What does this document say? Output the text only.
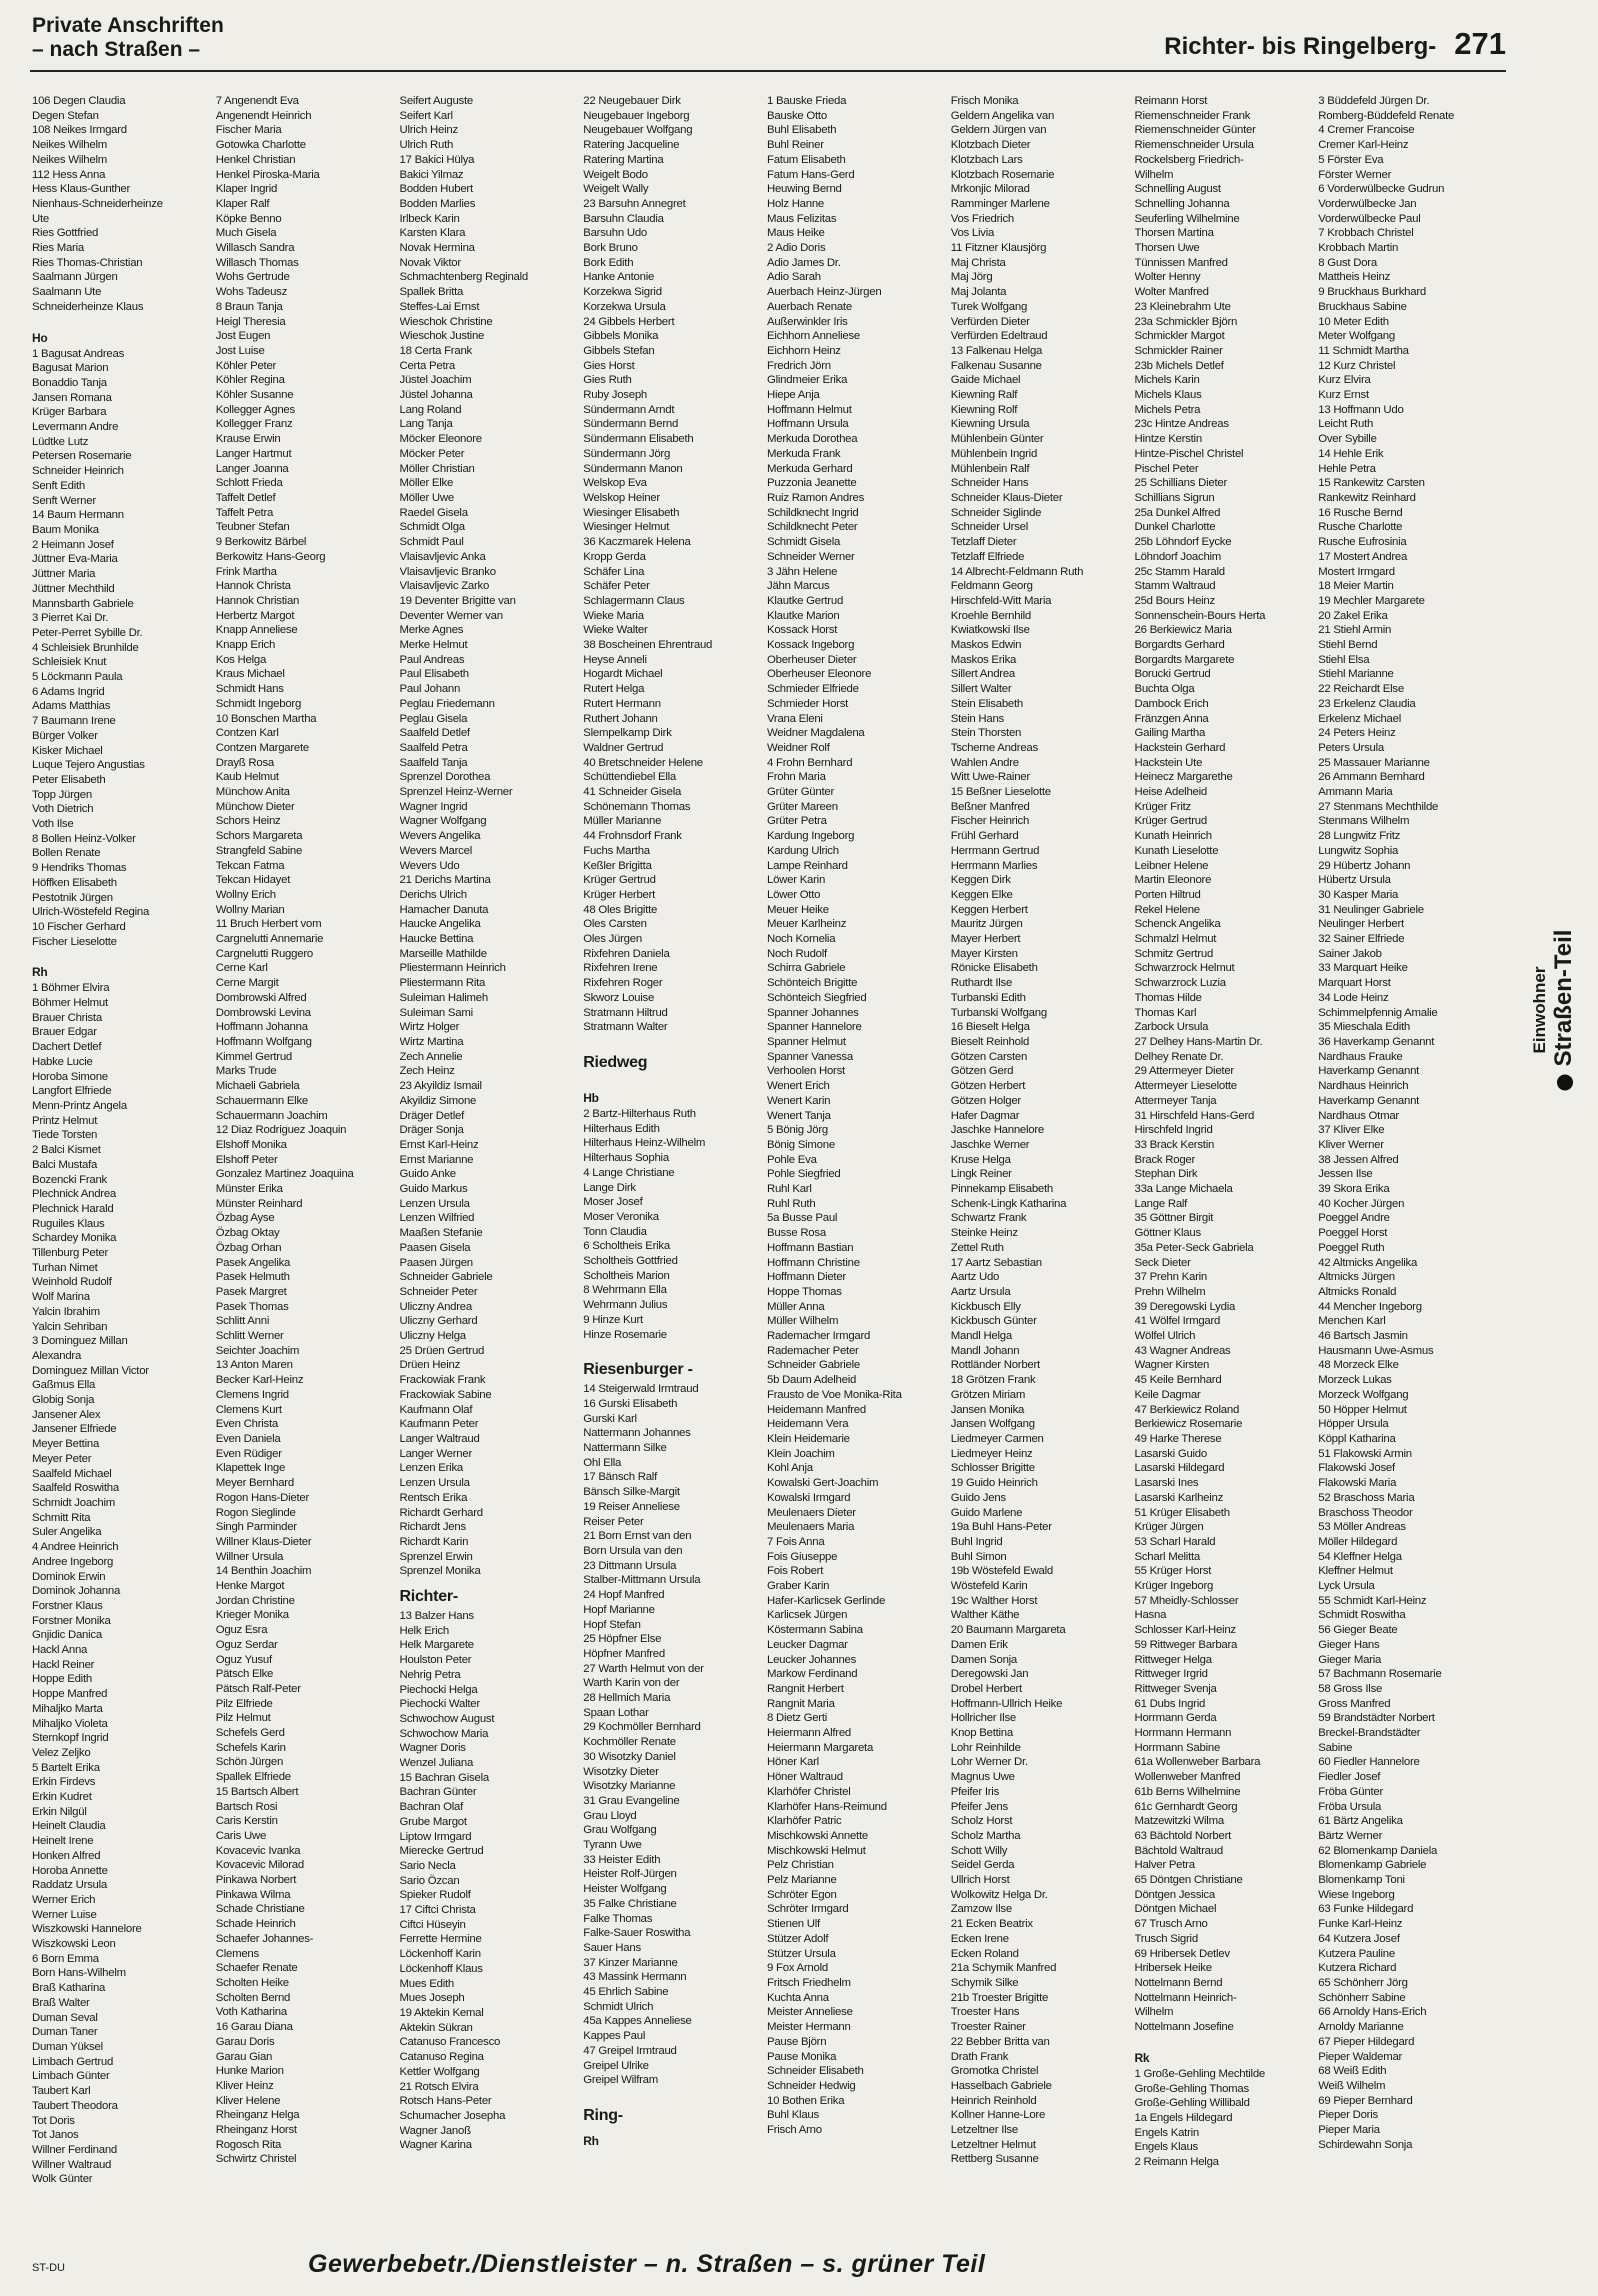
Private Anschriften
– nach Straßen –	Richter- bis Ringelberg- 271
106 Degen Claudia
Degen Stefan
108 Neikes Irmgard
Neikes Wilhelm
Neikes Wilhelm
112 Hess Anna
Hess Klaus-Gunther
Nienhaus-Schneiderheinze
Ute
Ries Gottfried
Ries Maria
Ries Thomas-Christian
Saalmann Jürgen
Saalmann Ute
Schneiderheinze Klaus
Ho
1 Bagusat Andreas
Bagusat Marion
Bonaddio Tanja
Jansen Romana
Krüger Barbara
Levermann Andre
Lüdtke Lutz
Petersen Rosemarie
Schneider Heinrich
Senft Edith
Senft Werner
14 Baum Hermann
Baum Monika
2 Heimann Josef
Jüttner Eva-Maria
Jüttner Maria
Jüttner Mechthild
Mannsbarth Gabriele
3 Pierret Kai Dr.
Peter-Perret Sybille Dr.
4 Schleisiek Brunhilde
Schleisiek Knut
5 Löckmann Paula
6 Adams Ingrid
Adams Matthias
7 Baumann Irene
Bürger Volker
Kisker Michael
Luque Tejero Angustias
Peter Elisabeth
Topp Jürgen
Voth Dietrich
Voth Ilse
8 Bollen Heinz-Volker
Bollen Renate
9 Hendriks Thomas
Höffken Elisabeth
Pestotnik Jürgen
Ulrich-Wöstefeld Regina
10 Fischer Gerhard
Fischer Lieselotte
Rh
1 Böhmer Elvira
Böhmer Helmut
Brauer Christa
Brauer Edgar
Dachert Detlef
Habke Lucie
Horoba Simone
Langfort Elfriede
Menn-Printz Angela
Printz Helmut
Tiede Torsten
2 Balci Kismet
Balci Mustafa
Bozencki Frank
Plechnick Andrea
Plechnick Harald
Ruguiles Klaus
Schardey Monika
Tillenburg Peter
Turhan Nimet
Weinhold Rudolf
Wolf Marina
Yalcin Ibrahim
Yalcin Sehriban
3 Dominguez Millan
Alexandra
Dominguez Millan Victor
Gaßmus Ella
Globig Sonja
Jansener Alex
Jansener Elfriede
Meyer Bettina
Meyer Peter
Saalfeld Michael
Saalfeld Roswitha
Schmidt Joachim
Schmitt Rita
Suler Angelika
4 Andree Heinrich
Andree Ingeborg
Dominok Erwin
Dominok Johanna
Forstner Klaus
Forstner Monika
Gnjidic Danica
Hackl Anna
Hackl Reiner
Hoppe Edith
Hoppe Manfred
Mihaljko Marta
Mihaljko Violeta
Sternkopf Ingrid
Velez Zeljko
5 Bartelt Erika
Erkin Firdevs
Erkin Kudret
Erkin Nilgül
Heinelt Claudia
Heinelt Irene
Honken Alfred
Horoba Annette
Raddatz Ursula
Werner Erich
Werner Luise
Wiszkowski Hannelore
Wiszkowski Leon
6 Born Emma
Born Hans-Wilhelm
Braß Katharina
Braß Walter
Duman Seval
Duman Taner
Duman Yüksel
Limbach Gertrud
Limbach Günter
Taubert Karl
Taubert Theodora
Tot Doris
Tot Janos
Willner Ferdinand
Willner Waltraud
Wolk Günter
7 Angenendt Eva
Angenendt Heinrich
Fischer Maria
Gotowka Charlotte
Henkel Christian
Henkel Piroska-Maria
Klaper Ingrid
Klaper Ralf
Köpke Benno
Much Gisela
Willasch Sandra
Willasch Thomas
Wohs Gertrude
Wohs Tadeusz
8 Braun Tanja
Heigl Theresia
Jost Eugen
Jost Luise
Köhler Peter
Köhler Regina
Köhler Susanne
Kollegger Agnes
Kollegger Franz
Krause Erwin
Langer Hartmut
Langer Joanna
Schlott Frieda
Taffelt Detlef
Taffelt Petra
Teubner Stefan
9 Berkowitz Bärbel
Berkowitz Hans-Georg
Frink Martha
Hannok Christa
Hannok Christian
Herbertz Margot
Knapp Anneliese
Knapp Erich
Kos Helga
Kraus Michael
Schmidt Hans
Schmidt Ingeborg
10 Bonschen Martha
Contzen Karl
Contzen Margarete
Drayß Rosa
Kaub Helmut
Münchow Anita
Münchow Dieter
Schors Heinz
Schors Margareta
Strangfeld Sabine
Tekcan Fatma
Tekcan Hidayet
Wollny Erich
Wollny Marian
11 Bruch Herbert vom
Cargnelutti Annemarie
Cargnelutti Ruggero
Cerne Karl
Cerne Margit
Dombrowski Alfred
Dombrowski Levina
Hoffmann Johanna
Hoffmann Wolfgang
Kimmel Gertrud
Marks Trude
Michaeli Gabriela
Schauermann Elke
Schauermann Joachim
12 Diaz Rodriguez Joaquin
Elshoff Monika
Elshoff Peter
Gonzalez Martinez Joaquina
Münster Erika
Münster Reinhard
Özbag Ayse
Özbag Oktay
Özbag Orhan
Pasek Angelika
Pasek Helmuth
Pasek Margret
Pasek Thomas
Schlitt Anni
Schlitt Werner
Seichter Joachim
13 Anton Maren
Becker Karl-Heinz
Clemens Ingrid
Clemens Kurt
Even Christa
Even Daniela
Even Rüdiger
Klapettek Inge
Meyer Bernhard
Rogon Hans-Dieter
Rogon Sieglinde
Singh Parminder
Willner Klaus-Dieter
Willner Ursula
14 Benthin Joachim
Henke Margot
Jordan Christine
Krieger Monika
Oguz Esra
Oguz Serdar
Oguz Yusuf
Pätsch Elke
Pätsch Ralf-Peter
Pilz Elfriede
Pilz Helmut
Schefels Gerd
Schefels Karin
Schön Jürgen
Spallek Elfriede
15 Bartsch Albert
Bartsch Rosi
Caris Kerstin
Caris Uwe
Kovacevic Ivanka
Kovacevic Milorad
Pinkawa Norbert
Pinkawa Wilma
Schade Christiane
Schade Heinrich
Schaefer Johannes-
Clemens
Schaefer Renate
Scholten Heike
Scholten Bernd
Voth Katharina
16 Garau Diana
Garau Doris
Garau Gian
Hunke Marion
Kliver Heinz
Kliver Helene
Rheinganz Helga
Rheinganz Horst
Rogosch Rita
Schwirtz Christel
Seifert Auguste
Seifert Karl
Ulrich Heinz
Ulrich Ruth
17 Bakici Hülya
Bakici Yilmaz
Bodden Hubert
Bodden Marlies
Irlbeck Karin
Karsten Klara
Novak Hermina
Novak Viktor
Schmachtenberg Reginald
Spallek Britta
Steffes-Lai Ernst
Wieschok Christine
Wieschok Justine
18 Certa Frank
Certa Petra
Jüstel Joachim
Jüstel Johanna
Lang Roland
Lang Tanja
Möcker Eleonore
Möcker Peter
Möller Christian
Möller Elke
Möller Uwe
Raedel Gisela
Schmidt Olga
Schmidt Paul
Vlaisavljevic Anka
Vlaisavljevic Branko
Vlaisavljevic Zarko
19 Deventer Brigitte van
Deventer Werner van
Merke Agnes
Merke Helmut
Paul Andreas
Paul Elisabeth
Paul Johann
Peglau Friedemann
Peglau Gisela
Saalfeld Detlef
Saalfeld Petra
Saalfeld Tanja
Sprenzel Dorothea
Sprenzel Heinz-Werner
Wagner Ingrid
Wagner Wolfgang
Wevers Angelika
Wevers Marcel
Wevers Udo
21 Derichs Martina
Derichs Ulrich
Hamacher Danuta
Haucke Angelika
Haucke Bettina
Marseille Mathilde
Pliestermann Heinrich
Pliestermann Rita
Suleiman Halimeh
Suleiman Sami
Wirtz Holger
Wirtz Martina
Zech Annelie
Zech Heinz
23 Akyildiz Ismail
Akyildiz Simone
Dräger Detlef
Dräger Sonja
Ernst Karl-Heinz
Ernst Marianne
Guido Anke
Guido Markus
Lenzen Ursula
Lenzen Wilfried
Maaßen Stefanie
Paasen Gisela
Paasen Jürgen
Schneider Gabriele
Schneider Peter
Uliczny Andrea
Uliczny Gerhard
Uliczny Helga
25 Drüen Gertrud
Drüen Heinz
Frackowiak Frank
Frackowiak Sabine
Kaufmann Olaf
Kaufmann Peter
Langer Waltraud
Langer Werner
Lenzen Erika
Lenzen Ursula
Rentsch Erika
Richardt Gerhard
Richardt Jens
Richardt Karin
Sprenzel Erwin
Sprenzel Monika
Richter-
13 Balzer Hans
Helk Erich
Helk Margarete
Houlston Peter
Nehrig Petra
Piechocki Helga
Piechocki Walter
Schwochow August
Schwochow Maria
Wagner Doris
Wenzel Juliana
15 Bachran Gisela
Bachran Günter
Bachran Olaf
Grube Margot
Liptow Irmgard
Mierecke Gertrud
Sario Necla
Sario Özcan
Spieker Rudolf
17 Ciftci Christa
Ciftci Hüseyin
Ferrette Hermine
Löckenhoff Karin
Löckenhoff Klaus
Mues Edith
Mues Joseph
19 Aktekin Kemal
Aktekin Sükran
Catanuso Francesco
Catanuso Regina
Kettler Wolfgang
21 Rotsch Elvira
Rotsch Hans-Peter
Schumacher Josepha
Wagner Janoß
Wagner Karina
22 Neugebauer Dirk
Neugebauer Ingeborg
Neugebauer Wolfgang
Ratering Jacqueline
Ratering Martina
Weigelt Bodo
Weigelt Wally
23 Barsuhn Annegret
Barsuhn Claudia
Barsuhn Udo
Bork Bruno
Bork Edith
Hanke Antonie
Korzekwa Sigrid
Korzekwa Ursula
24 Gibbels Herbert
Gibbels Monika
Gibbels Stefan
Gies Horst
Gies Ruth
Ruby Joseph
Sündermann Arndt
Sündermann Bernd
Sündermann Elisabeth
Sündermann Jörg
Sündermann Manon
Welskop Eva
Welskop Heiner
Wiesinger Elisabeth
Wiesinger Helmut
36 Kaczmarek Helena
Kropp Gerda
Schäfer Lina
Schäfer Peter
Schlagermann Claus
Wieke Maria
Wieke Walter
38 Boscheinen Ehrentraud
Heyse Anneli
Hogardt Michael
Rutert Helga
Rutert Hermann
Ruthert Johann
Slempelkamp Dirk
Waldner Gertrud
40 Bretschneider Helene
Schüttendiebel Ella
41 Schneider Gisela
Schönemann Thomas
Müller Marianne
44 Frohnsdorf Frank
Fuchs Martha
Keßler Brigitta
Krüger Gertrud
Krüger Herbert
48 Oles Brigitte
Oles Carsten
Oles Jürgen
Rixfehren Daniela
Rixfehren Irene
Rixfehren Roger
Skworz Louise
Stratmann Hiltrud
Stratmann Walter
Riedweg
Hb
2 Bartz-Hilterhaus Ruth
Hilterhaus Edith
Hilterhaus Heinz-Wilhelm
Hilterhaus Sophia
4 Lange Christiane
Lange Dirk
Moser Josef
Moser Veronika
Tonn Claudia
6 Scholtheis Erika
Scholtheis Gottfried
Scholtheis Marion
8 Wehrmann Ella
Wehrmann Julius
9 Hinze Kurt
Hinze Rosemarie
Riesenburger -
14 Steigerwald Irmtraud
16 Gurski Elisabeth
Gurski Karl
Nattermann Johannes
Nattermann Silke
Ohl Ella
17 Bänsch Ralf
Bänsch Silke-Margit
19 Reiser Anneliese
Reiser Peter
21 Born Ernst van den
Born Ursula van den
23 Dittmann Ursula
Stalber-Mittmann Ursula
24 Hopf Manfred
Hopf Marianne
Hopf Stefan
25 Höpfner Else
Höpfner Manfred
27 Warth Helmut von der
Warth Karin von der
28 Hellmich Maria
Spaan Lothar
29 Kochmöller Bernhard
Kochmöller Renate
30 Wisotzky Daniel
Wisotzky Dieter
Wisotzky Marianne
31 Grau Evangeline
Grau Lloyd
Grau Wolfgang
Tyrann Uwe
33 Heister Edith
Heister Rolf-Jürgen
Heister Wolfgang
35 Falke Christiane
Falke Thomas
Falke-Sauer Roswitha
Sauer Hans
37 Kinzer Marianne
43 Massink Hermann
45 Ehrlich Sabine
Schmidt Ulrich
45a Kappes Anneliese
Kappes Paul
47 Greipel Irmtraud
Greipel Ulrike
Greipel Wilfram
Ring-
Rh
1 Bauske Frieda
Bauske Otto
Buhl Elisabeth
Buhl Reiner
Fatum Elisabeth
Fatum Hans-Gerd
Heuwing Bernd
Holz Hanne
Maus Felizitas
Maus Heike
2 Adio Doris
Adio James Dr.
Adio Sarah
Auerbach Heinz-Jürgen
Auerbach Renate
Außerwinkler Iris
Eichhorn Anneliese
Eichhorn Heinz
Fredrich Jörn
Glindmeier Erika
Hiepe Anja
Hoffmann Helmut
Hoffmann Ursula
Merkuda Dorothea
Merkuda Frank
Merkuda Gerhard
Puzzonia Jeanette
Ruiz Ramon Andres
Schildknecht Ingrid
Schildknecht Peter
Schmidt Gisela
Schneider Werner
3 Jähn Helene
Jähn Marcus
Klautke Gertrud
Klautke Marion
Kossack Horst
Kossack Ingeborg
Oberheuser Dieter
Oberheuser Eleonore
Schmieder Elfriede
Schmieder Horst
Vrana Eleni
Weidner Magdalena
Weidner Rolf
4 Frohn Bernhard
Frohn Maria
Grüter Günter
Grüter Mareen
Grüter Petra
Kardung Ingeborg
Kardung Ulrich
Lampe Reinhard
Löwer Karin
Löwer Otto
Meuer Heike
Meuer Karlheinz
Noch Kornelia
Noch Rudolf
Schirra Gabriele
Schönteich Brigitte
Schönteich Siegfried
Spanner Johannes
Spanner Hannelore
Spanner Helmut
Spanner Vanessa
Verhoolen Horst
Wenert Erich
Wenert Karin
Wenert Tanja
5 Bönig Jörg
Bönig Simone
Pohle Eva
Pohle Siegfried
Ruhl Karl
Ruhl Ruth
5a Busse Paul
Busse Rosa
Hoffmann Bastian
Hoffmann Christine
Hoffmann Dieter
Hoppe Thomas
Müller Anna
Müller Wilhelm
Rademacher Irmgard
Rademacher Peter
Schneider Gabriele
5b Daum Adelheid
Frausto de Voe Monika-Rita
Heidemann Manfred
Heidemann Vera
Klein Heidemarie
Klein Joachim
Kohl Anja
Kowalski Gert-Joachim
Kowalski Irmgard
Meulenaers Dieter
Meulenaers Maria
7 Fois Anna
Fois Giuseppe
Fois Robert
Graber Karin
Hafer-Karlicsek Gerlinde
Karlicsek Jürgen
Köstermann Sabina
Leucker Dagmar
Leucker Johannes
Markow Ferdinand
Rangnit Herbert
Rangnit Maria
8 Dietz Gerti
Heiermann Alfred
Heiermann Margareta
Höner Karl
Höner Waltraud
Klarhöfer Christel
Klarhöfer Hans-Reimund
Klarhöfer Patric
Mischkowski Annette
Mischkowski Helmut
Pelz Christian
Pelz Marianne
Schröter Egon
Schröter Irmgard
Stienen Ulf
Stützer Adolf
Stützer Ursula
9 Fox Arnold
Fritsch Friedhelm
Kuchta Anna
Meister Anneliese
Meister Hermann
Pause Björn
Pause Monika
Schneider Elisabeth
Schneider Hedwig
10 Bothen Erika
Buhl Klaus
Frisch Arno
Frisch Monika
Geldern Angelika van
Geldern Jürgen van
Klotzbach Dieter
Klotzbach Lars
Klotzbach Rosemarie
Mrkonjic Milorad
Ramminger Marlene
Vos Friedrich
Vos Livia
11 Fitzner Klausjörg
Maj Christa
Maj Jörg
Maj Jolanta
Turek Wolfgang
Verfürden Dieter
Verfürden Edeltraud
13 Falkenau Helga
Falkenau Susanne
Gaide Michael
Kiewning Ralf
Kiewning Rolf
Kiewning Ursula
Mühlenbein Günter
Mühlenbein Ingrid
Mühlenbein Ralf
Schneider Hans
Schneider Klaus-Dieter
Schneider Siglinde
Schneider Ursel
Tetzlaff Dieter
Tetzlaff Elfriede
14 Albrecht-Feldmann Ruth
Feldmann Georg
Hirschfeld-Witt Maria
Kroehle Bernhild
Kwiatkowski Ilse
Maskos Edwin
Maskos Erika
Sillert Andrea
Sillert Walter
Stein Elisabeth
Stein Hans
Stein Thorsten
Tscherne Andreas
Wahlen Andre
Witt Uwe-Rainer
15 Beßner Lieselotte
Beßner Manfred
Fischer Heinrich
Frühl Gerhard
Herrmann Gertrud
Herrmann Marlies
Keggen Dirk
Keggen Elke
Keggen Herbert
Mauritz Jürgen
Mayer Herbert
Mayer Kirsten
Rönicke Elisabeth
Ruthardt Ilse
Turbanski Edith
Turbanski Wolfgang
16 Bieselt Helga
Bieselt Reinhold
Götzen Carsten
Götzen Gerd
Götzen Herbert
Götzen Holger
Hafer Dagmar
Jaschke Hannelore
Jaschke Werner
Kruse Helga
Lingk Reiner
Pinnekamp Elisabeth
Schenk-Lingk Katharina
Schwartz Frank
Steinke Heinz
Zettel Ruth
17 Aartz Sebastian
Aartz Udo
Aartz Ursula
Kickbusch Elly
Kickbusch Günter
Mandl Helga
Mandl Johann
Rottländer Norbert
18 Grötzen Frank
Grötzen Miriam
Jansen Monika
Jansen Wolfgang
Liedmeyer Carmen
Liedmeyer Heinz
Schlosser Brigitte
19 Guido Heinrich
Guido Jens
Guido Marlene
19a Buhl Hans-Peter
Buhl Ingrid
Buhl Simon
19b Wöstefeld Ewald
Wöstefeld Karin
19c Walther Horst
Walther Käthe
20 Baumann Margareta
Damen Erik
Damen Sonja
Deregowski Jan
Drobel Herbert
Hoffmann-Ullrich Heike
Hollricher Ilse
Knop Bettina
Lohr Reinhilde
Lohr Werner Dr.
Magnus Uwe
Pfeifer Iris
Pfeifer Jens
Scholz Horst
Scholz Martha
Schott Willy
Seidel Gerda
Ullrich Horst
Wolkowitz Helga Dr.
Zamzow Ilse
21 Ecken Beatrix
Ecken Irene
Ecken Roland
21a Schymik Manfred
Schymik Silke
21b Troester Brigitte
Troester Hans
Troester Rainer
22 Bebber Britta van
Drath Frank
Gromotka Christel
Hasselbach Gabriele
Heinrich Reinhold
Kollner Hanne-Lore
Letzeltner Ilse
Letzeltner Helmut
Rettberg Susanne
Reimann Horst
Riemenschneider Frank
Riemenschneider Günter
Riemenschneider Ursula
Rockelsberg Friedrich-
Wilhelm
Schnelling August
Schnelling Johanna
Seuferling Wilhelmine
Thorsen Martina
Thorsen Uwe
Tünnissen Manfred
Wolter Henny
Wolter Manfred
23 Kleinebrahm Ute
23a Schmickler Björn
Schmickler Margot
Schmickler Rainer
23b Michels Detlef
Michels Karin
Michels Klaus
Michels Petra
23c Hintze Andreas
Hintze Kerstin
Hintze-Pischel Christel
Pischel Peter
25 Schillians Dieter
Schillians Sigrun
25a Dunkel Alfred
Dunkel Charlotte
25b Löhndorf Eycke
Löhndorf Joachim
25c Stamm Harald
Stamm Waltraud
25d Bours Heinz
Sonnenschein-Bours Herta
26 Berkiewicz Maria
Borgardts Gerhard
Borgardts Margarete
Borucki Gertrud
Buchta Olga
Dambock Erich
Fränzgen Anna
Gailing Martha
Hackstein Gerhard
Hackstein Ute
Heinecz Margarethe
Heise Adelheid
Krüger Fritz
Krüger Gertrud
Kunath Heinrich
Kunath Lieselotte
Leibner Helene
Martin Eleonore
Porten Hiltrud
Rekel Helene
Schenck Angelika
Schmalzl Helmut
Schmitz Gertrud
Schwarzrock Helmut
Schwarzrock Luzia
Thomas Hilde
Thomas Karl
Zarbock Ursula
27 Delhey Hans-Martin Dr.
Delhey Renate Dr.
29 Attermeyer Dieter
Attermeyer Lieselotte
Attermeyer Tanja
31 Hirschfeld Hans-Gerd
Hirschfeld Ingrid
33 Brack Kerstin
Brack Roger
Stephan Dirk
33a Lange Michaela
Lange Ralf
35 Göttner Birgit
Göttner Klaus
35a Peter-Seck Gabriela
Seck Dieter
37 Prehn Karin
Prehn Wilhelm
39 Deregowski Lydia
41 Wölfel Irmgard
Wölfel Ulrich
43 Wagner Andreas
Wagner Kirsten
45 Keile Bernhard
Keile Dagmar
47 Berkiewicz Roland
Berkiewicz Rosemarie
49 Harke Therese
Lasarski Guido
Lasarski Hildegard
Lasarski Ines
Lasarski Karlheinz
51 Krüger Elisabeth
Krüger Jürgen
53 Scharl Harald
Scharl Melitta
55 Krüger Horst
Krüger Ingeborg
57 Mheidly-Schlosser
Hasna
Schlosser Karl-Heinz
59 Rittweger Barbara
Rittweger Helga
Rittweger Irgrid
Rittweger Svenja
61 Dubs Ingrid
Horrmann Gerda
Horrmann Hermann
Horrmann Sabine
61a Wollenweber Barbara
Wollenweber Manfred
61b Berns Wilhelmine
61c Gernhardt Georg
Matzewitzki Wilma
63 Bächtold Norbert
Bächtold Waltraud
Halver Petra
65 Döntgen Christiane
Döntgen Jessica
Döntgen Michael
67 Trusch Arno
Trusch Sigrid
69 Hribersek Detlev
Hribersek Heike
Nottelmann Bernd
Nottelmann Heinrich-
Wilhelm
Nottelmann Josefine
Rk
1 Große-Gehling Mechtilde
Große-Gehling Thomas
Große-Gehling Willibald
1a Engels Hildegard
Engels Katrin
Engels Klaus
2 Reimann Helga
3 Büddefeld Jürgen Dr.
Romberg-Büddefeld Renate
4 Cremer Francoise
Cremer Karl-Heinz
5 Förster Eva
Förster Werner
6 Vorderwülbecke Gudrun
Vorderwülbecke Jan
Vorderwülbecke Paul
7 Krobbach Christel
Krobbach Martin
8 Gust Dora
Mattheis Heinz
9 Bruckhaus Burkhard
Bruckhaus Sabine
10 Meter Edith
Meter Wolfgang
11 Schmidt Martha
12 Kurz Christel
Kurz Elvira
Kurz Ernst
13 Hoffmann Udo
Leicht Ruth
Over Sybille
14 Hehle Erik
Hehle Petra
15 Rankewitz Carsten
Rankewitz Reinhard
16 Rusche Bernd
Rusche Charlotte
Rusche Eufrosinia
17 Mostert Andrea
Mostert Irmgard
18 Meier Martin
19 Mechler Margarete
20 Zakel Erika
21 Stiehl Armin
Stiehl Bernd
Stiehl Elsa
Stiehl Marianne
22 Reichardt Else
23 Erkelenz Claudia
Erkelenz Michael
24 Peters Heinz
Peters Ursula
25 Massauer Marianne
26 Ammann Bernhard
Ammann Maria
27 Stenmans Mechthilde
Stenmans Wilhelm
28 Lungwitz Fritz
Lungwitz Sophia
29 Hübertz Johann
Hübertz Ursula
30 Kasper Maria
31 Neulinger Gabriele
Neulinger Herbert
32 Sainer Elfriede
Sainer Jakob
33 Marquart Heike
Marquart Horst
34 Lode Heinz
Schimmelpfennig Amalie
35 Mieschala Edith
36 Haverkamp Genannt
Nardhaus Frauke
Haverkamp Genannt
Nardhaus Heinrich
Haverkamp Genannt
Nardhaus Otmar
37 Kliver Elke
Kliver Werner
38 Jessen Alfred
Jessen Ilse
39 Skora Erika
40 Kocher Jürgen
Poeggel Andre
Poeggel Horst
Poeggel Ruth
42 Altmicks Angelika
Altmicks Jürgen
Altmicks Ronald
44 Mencher Ingeborg
Menchen Karl
46 Bartsch Jasmin
Hausmann Uwe-Asmus
48 Morzeck Elke
Morzeck Lukas
Morzeck Wolfgang
50 Höpper Helmut
Höpper Ursula
Köppl Katharina
51 Flakowski Armin
Flakowski Josef
Flakowski Maria
52 Braschoss Maria
Braschoss Theodor
53 Möller Andreas
Möller Hildegard
54 Kleffner Helga
Kleffner Helmut
Lyck Ursula
55 Schmidt Karl-Heinz
Schmidt Roswitha
56 Gieger Beate
Gieger Hans
Gieger Maria
57 Bachmann Rosemarie
58 Gross Ilse
Gross Manfred
59 Brandstädter Norbert
Breckel-Brandstädter
Sabine
60 Fiedler Hannelore
Fiedler Josef
Fröba Günter
Fröba Ursula
61 Bärtz Angelika
Bärtz Werner
62 Blomenkamp Daniela
Blomenkamp Gabriele
Blomenkamp Toni
Wiese Ingeborg
63 Funke Hildegard
Funke Karl-Heinz
64 Kutzera Josef
Kutzera Pauline
Kutzera Richard
65 Schönherr Jörg
Schönherr Sabine
66 Arnoldy Hans-Erich
Arnoldy Marianne
67 Pieper Hildegard
Pieper Waldemar
68 Weiß Edith
Weiß Wilhelm
69 Pieper Bernhard
Pieper Doris
Pieper Maria
Schirdewahn Sonja
Einwohner Straßen-Teil
ST-DU	Gewerbebetr./Dienstleister – n. Straßen – s. grüner Teil
